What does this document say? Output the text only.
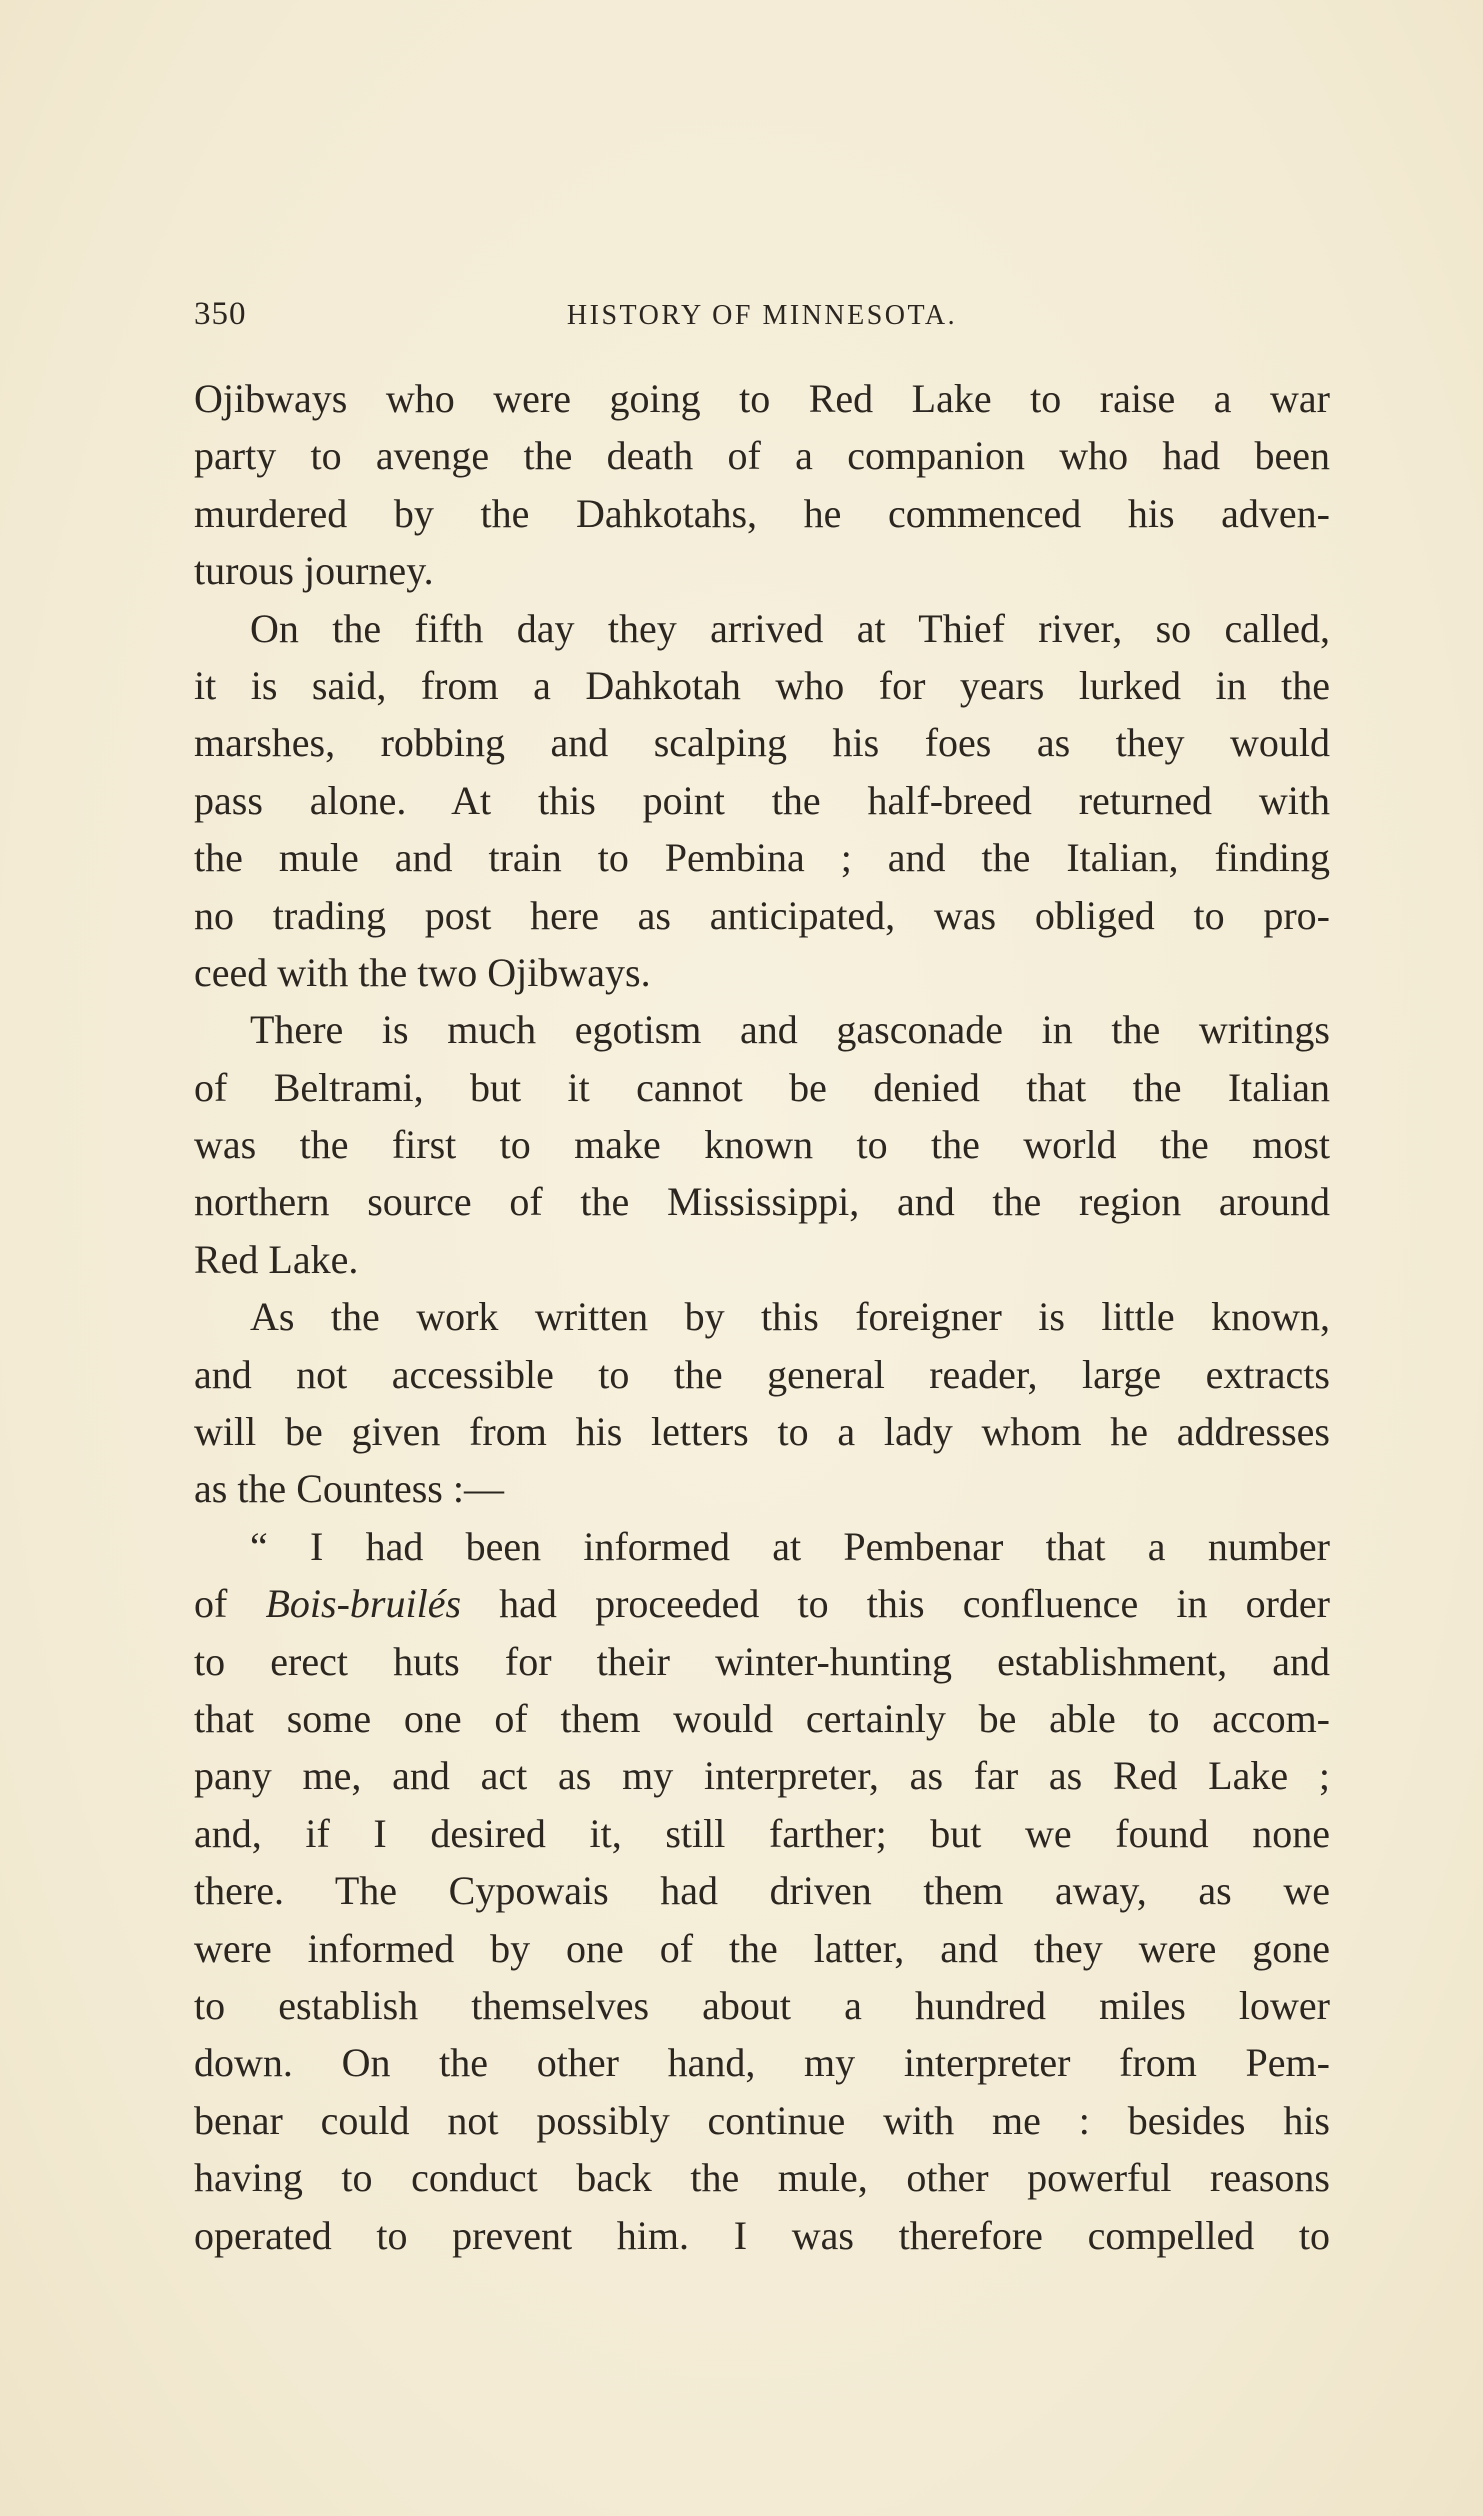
350	HISTORY OF MINNESOTA.
Ojibways who were going to Red Lake to raise a war
party to avenge the death of a companion who had been
murdered by the Dahkotahs, he commenced his adven-
turous journey.
On the fifth day they arrived at Thief river, so called,
it is said, from a Dahkotah who for years lurked in the
marshes, robbing and scalping his foes as they would
pass alone. At this point the half-breed returned with
the mule and train to Pembina ; and the Italian, finding
no trading post here as anticipated, was obliged to pro-
ceed with the two Ojibways.
There is much egotism and gasconade in the writings
of Beltrami, but it cannot be denied that the Italian
was the first to make known to the world the most
northern source of the Mississippi, and the region around
Red Lake.
As the work written by this foreigner is little known,
and not accessible to the general reader, large extracts
will be given from his letters to a lady whom he addresses
as the Countess :—
“ I had been informed at Pembenar that a number
of Bois-bruilés had proceeded to this confluence in order
to erect huts for their winter-hunting establishment, and
that some one of them would certainly be able to accom-
pany me, and act as my interpreter, as far as Red Lake ;
and, if I desired it, still farther; but we found none
there. The Cypowais had driven them away, as we
were informed by one of the latter, and they were gone
to establish themselves about a hundred miles lower
down. On the other hand, my interpreter from Pem-
benar could not possibly continue with me : besides his
having to conduct back the mule, other powerful reasons
operated to prevent him. I was therefore compelled to
